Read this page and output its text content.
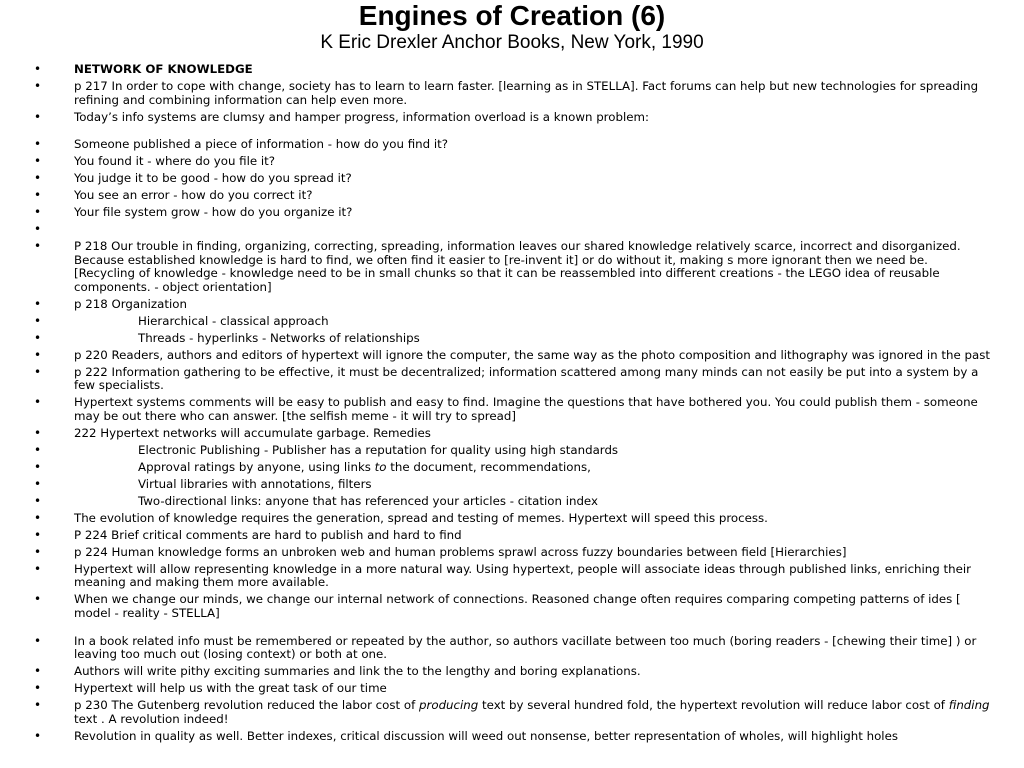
Engines of Creation (6)

K Eric Drexler Anchor Books, New York, 1990

•	NETWORK OF KNOWLEDGE
•	p 217 In order to cope with change, society has to learn to learn faster. [learning as in STELLA]. Fact forums can help but new technologies for spreading refining and combining information can help even more.
•	Today’s info systems are clumsy and hamper progress, information overload is a known problem:
•	Someone published a piece of information - how do you find it?
•	You found it - where do you file it?
•	You judge it to be good - how do you spread it?
•	You see an error - how do you correct it?
•	Your file system grow - how do you organize it?
•
•	P 218 Our trouble in finding, organizing, correcting, spreading, information leaves our shared knowledge relatively scarce, incorrect and disorganized. Because established knowledge is hard to find, we often find it easier to [re-invent it] or do without it, making s more ignorant then we need be. [Recycling of knowledge - knowledge need to be in small chunks so that it can be reassembled into different creations - the LEGO idea of reusable components. - object orientation]
•	p 218 Organization
•	Hierarchical - classical approach
•	Threads - hyperlinks - Networks of relationships
•	p 220 Readers, authors and editors of hypertext will ignore the computer, the same way as the photo composition and lithography was ignored in the past
•	p 222 Information gathering to be effective, it must be decentralized; information scattered among many minds can not easily be put into a system by a few specialists.
•	Hypertext systems comments will be easy to publish and easy to find. Imagine the questions that have bothered you. You could publish them - someone may be out there who can answer. [the selfish meme - it will try to spread]
•	222 Hypertext networks will accumulate garbage. Remedies
•	Electronic Publishing - Publisher has a reputation for quality using high standards
•	Approval ratings by anyone, using links to the document, recommendations,
•	Virtual libraries with annotations, filters
•	Two-directional links: anyone that has referenced your articles - citation index
•	The evolution of knowledge requires the generation, spread and testing of memes. Hypertext will speed this process.
•	P 224 Brief critical comments are hard to publish and hard to find
•	p 224 Human knowledge forms an unbroken web and human problems sprawl across fuzzy boundaries between field [Hierarchies]
•	Hypertext will allow representing knowledge in a more natural way. Using hypertext, people will associate ideas through published links, enriching their meaning and making them more available.
•	When we change our minds, we change our internal network of connections. Reasoned change often requires comparing competing patterns of ides [ model - reality - STELLA]
•	In a book related info must be remembered or repeated by the author, so authors vacillate between too much (boring readers - [chewing their time] ) or leaving too much out (losing context) or both at one.
•	Authors will write pithy exciting summaries and link the to the lengthy and boring explanations.
•	Hypertext will help us with the great task of our time
•	p 230 The Gutenberg revolution reduced the labor cost of producing text by several hundred fold, the hypertext revolution will reduce labor cost of finding text . A revolution indeed!
•	Revolution in quality as well. Better indexes, critical discussion will weed out nonsense, better representation of wholes, will highlight holes
